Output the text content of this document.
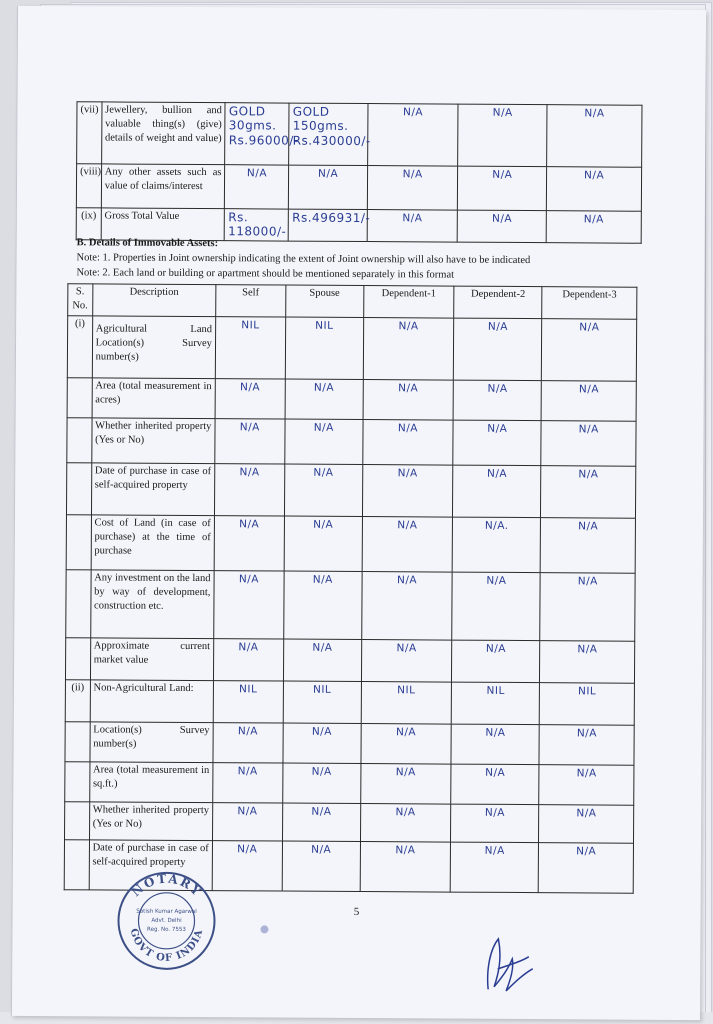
(vii)	Jewellery, bullion and valuable thing(s) (give) details of weight and value)	GOLD 30gms. Rs.96000/-	GOLD 150gms. Rs.430000/-	N/A	N/A	N/A
(viii)	Any other assets such as value of claims/interest	N/A	N/A	N/A	N/A	N/A
(ix)	Gross Total Value	Rs. 118000/-	Rs.496931/-	N/A	N/A	N/A
B. Details of Immovable Assets:
Note: 1. Properties in Joint ownership indicating the extent of Joint ownership will also have to be indicated
Note: 2. Each land or building or apartment should be mentioned separately in this format
S. No.	Description	Self	Spouse	Dependent-1	Dependent-2	Dependent-3
(i)	Agricultural Land Location(s) Survey number(s)	NIL	NIL	N/A	N/A	N/A
	Area (total measurement in acres)	N/A	N/A	N/A	N/A	N/A
	Whether inherited property (Yes or No)	N/A	N/A	N/A	N/A	N/A
	Date of purchase in case of self-acquired property	N/A	N/A	N/A	N/A	N/A
	Cost of Land (in case of purchase) at the time of purchase	N/A	N/A	N/A	N/A.	N/A
	Any investment on the land by way of development, construction etc.	N/A	N/A	N/A	N/A	N/A
	Approximate current market value	N/A	N/A	N/A	N/A	N/A
(ii)	Non-Agricultural Land:	NIL	NIL	NIL	NIL	NIL
	Location(s) Survey number(s)	N/A	N/A	N/A	N/A	N/A
	Area (total measurement in sq.ft.)	N/A	N/A	N/A	N/A	N/A
	Whether inherited property (Yes or No)	N/A	N/A	N/A	N/A	N/A
	Date of purchase in case of self-acquired property	N/A	N/A	N/A	N/A	N/A
5
NOTARY
GOVT OF INDIA
Satish Kumar Agarwal
Advt. Delhi
Reg. No. 7553
